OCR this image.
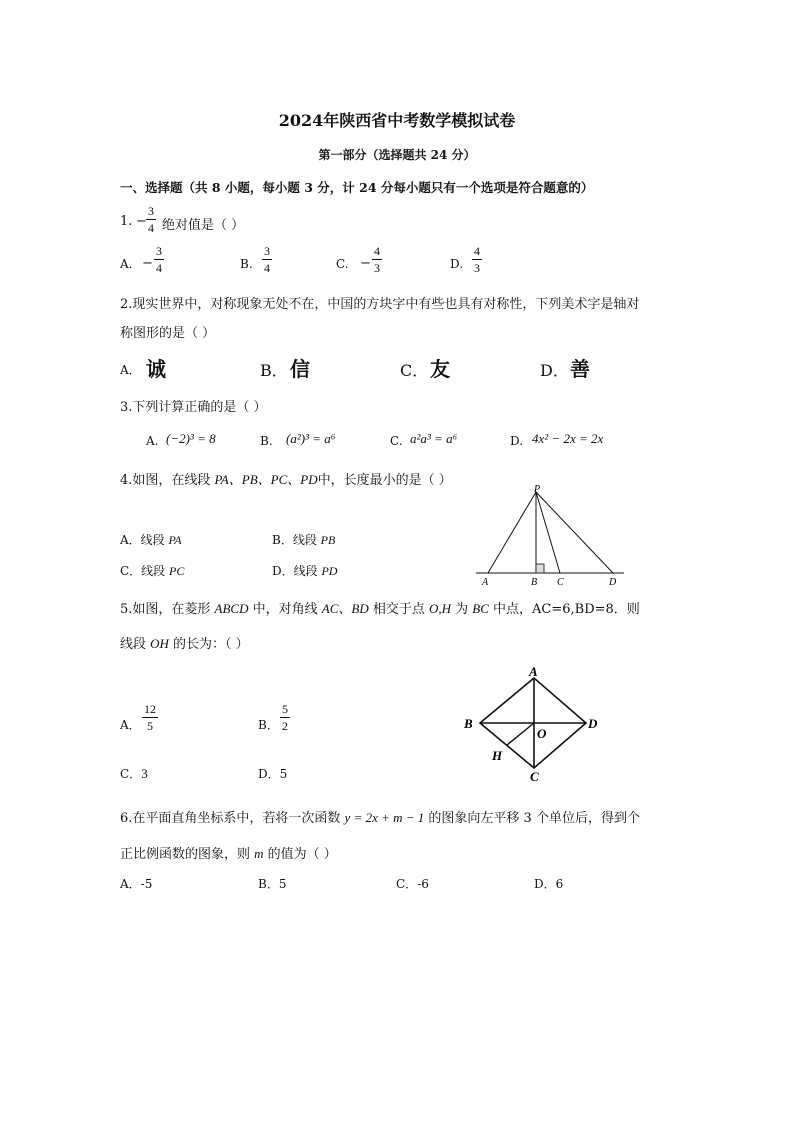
2024年陕西省中考数学模拟试卷
第一部分（选择题共 24 分）
一、选择题（共 8 小题，每小题 3 分，计 24 分每小题只有一个选项是符合题意的）
1. −
3
4 绝对值是（ ）
A. −
3
4	B.
3
4	C. −
4
3	D.
4
3
2.现实世界中，对称现象无处不在，中国的方块字中有些也具有对称性，下列美术字是轴对
称图形的是（ ）
A． 诚	B． 信	C． 友	D． 善
3.下列计算正确的是（ ）
A. (−2)³ = 8	B. (a²)³ = a⁶	C. a²a³ = a⁶	D. 4x² − 2x = 2x
4.如图，在线段 PA、PB、PC、PD中，长度最小的是（ ）
A．线段 PA	B．线段 PB
C．线段 PC	D．线段 PD
P
A	B C	D
5.如图，在菱形 ABCD 中，对角线 AC、BD 相交于点 O,H 为 BC 中点，AC=6,BD=8．则
线段 OH 的长为：（ ）
A．
12
5	B．
5
2
C．3	D．5
A
B
C
D
O
H
6.在平面直角坐标系中，若将一次函数 y = 2x + m − 1 的图象向左平移 3 个单位后，得到个
正比例函数的图象，则 m 的值为（ ）
A．-5	B．5	C．-6	D．6
